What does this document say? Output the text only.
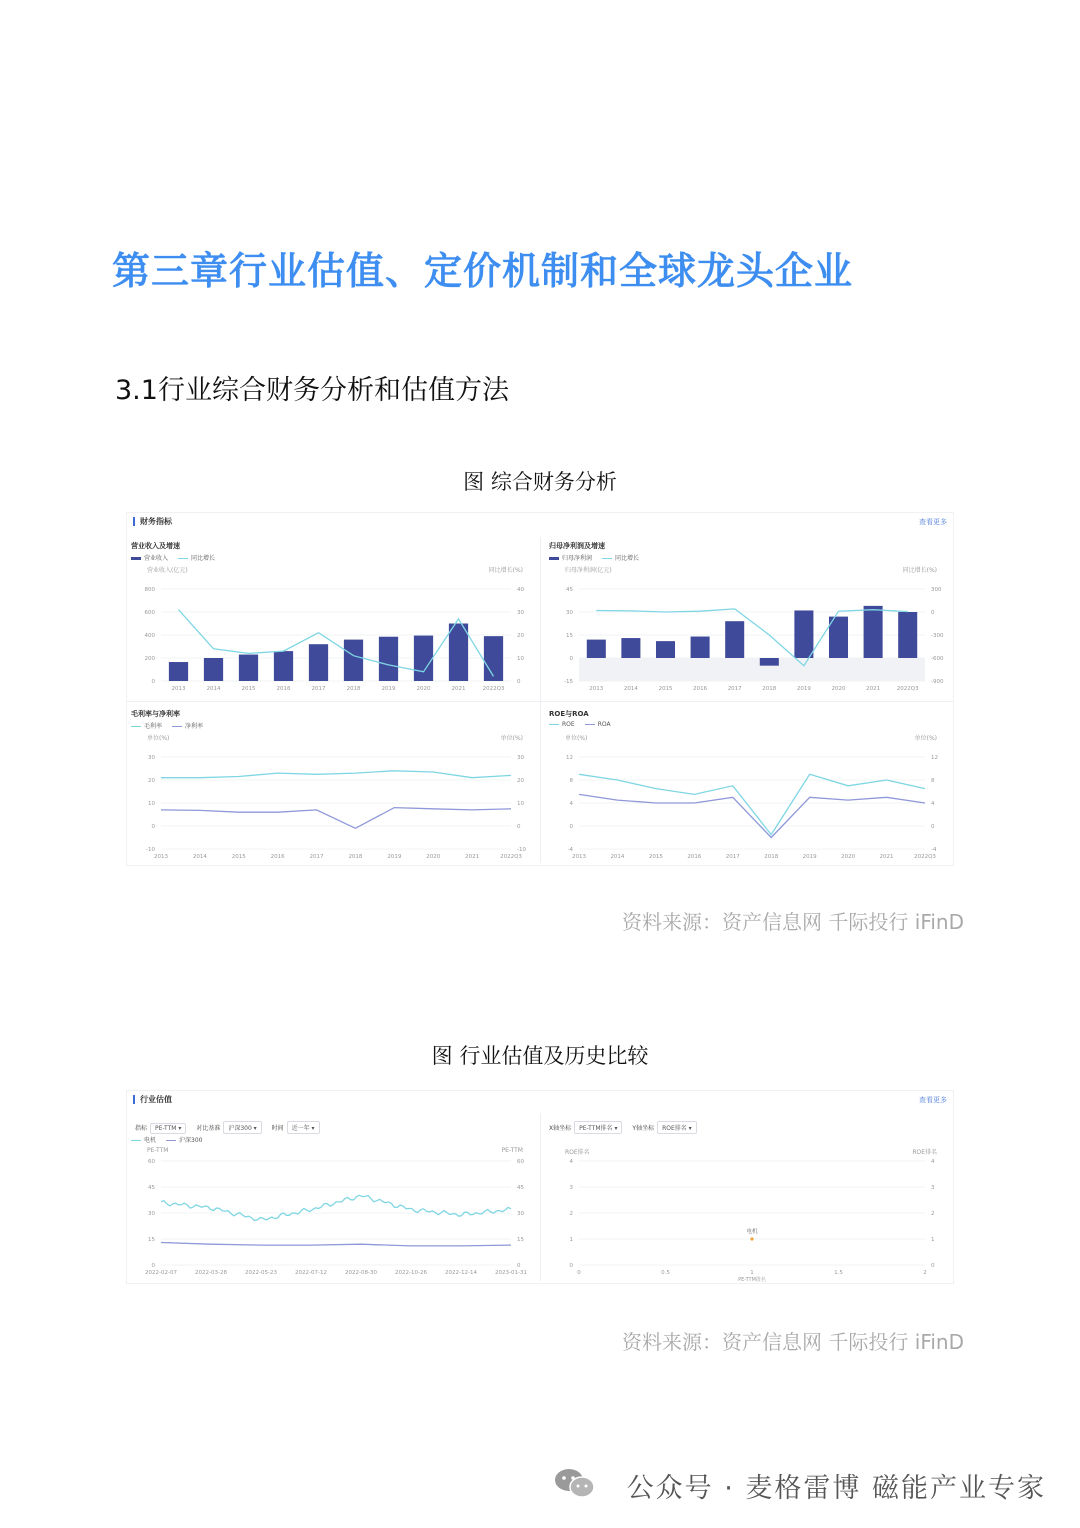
第三章行业估值、定价机制和全球龙头企业
3.1行业综合财务分析和估值方法
图 综合财务分析
财务指标	查看更多
营业收入及增速
营业收入	同比增长
营业收入(亿元)	同比增长(%)
0	0
200	10
400	20
600	30
800	40
2013	2014	2015	2016	2017	2018	2019	2020	2021	2022Q3
归母净利润及增速
归母净利润	同比增长
归母净利润(亿元)	同比增长(%)
-15	-900
0	-600
15	-300
30	0
45	300
2013	2014	2015	2016	2017	2018	2019	2020	2021	2022Q3
毛利率与净利率
毛利率	净利率
单位(%)	单位(%)
-10	-10
0	0
10	10
20	20
30	30
2013	2014	2015	2016	2017	2018	2019	2020	2021	2022Q3
ROE与ROA
ROE	ROA
单位(%)	单位(%)
-4	-4
0	0
4	4
8	8
12	12
2013	2014	2015	2016	2017	2018	2019	2020	2021	2022Q3
资料来源：资产信息网 千际投行 iFinD
图 行业估值及历史比较
行业估值	查看更多
指标 PE-TTM ▾ 对比基准 沪深300 ▾ 时间 近一年 ▾	X轴坐标 PE-TTM排名 ▾ Y轴坐标 ROE排名 ▾
电机	沪深300
PE-TTM	PE-TTM
0	0
15	15
30	30
45	45
60	60
2022-02-07	2022-03-28	2022-05-23	2022-07-12	2022-08-30	2022-10-26	2022-12-14	2023-01-31
ROE排名	ROE排名
0	0
1	1
2	2
3	3
4	4
0	0.5	1	1.5	2
PE-TTM排名
电机
资料来源：资产信息网 千际投行 iFinD
公众号 · 麦格雷博 磁能产业专家
